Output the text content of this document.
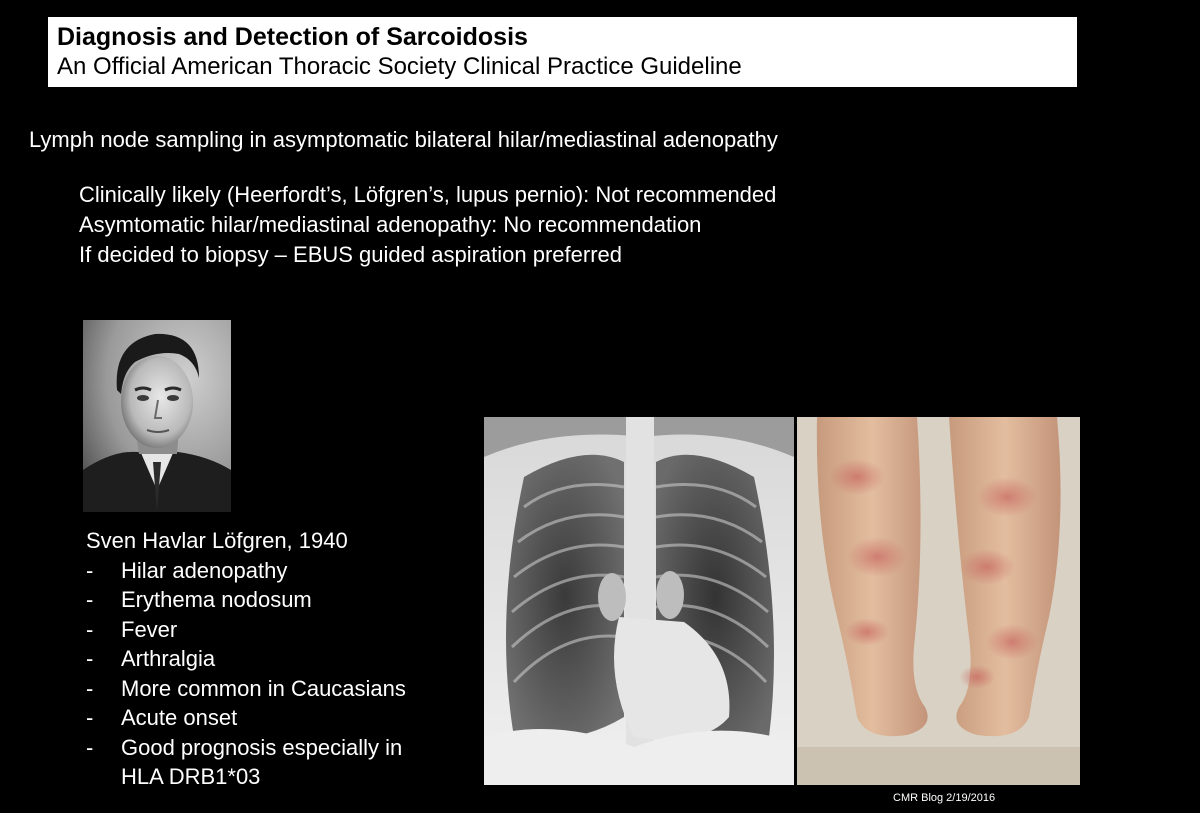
Diagnosis and Detection of Sarcoidosis
An Official American Thoracic Society Clinical Practice Guideline
Lymph node sampling in asymptomatic bilateral hilar/mediastinal adenopathy
Clinically likely (Heerfordt’s, Löfgren’s, lupus pernio): Not recommended
Asymtomatic hilar/mediastinal adenopathy: No recommendation
If decided to biopsy – EBUS guided aspiration preferred
Sven Havlar Löfgren, 1940
- Hilar adenopathy
- Erythema nodosum
- Fever
- Arthralgia
- More common in Caucasians
- Acute onset
- Good prognosis especially in
HLA DRB1*03
CMR Blog 2/19/2016
